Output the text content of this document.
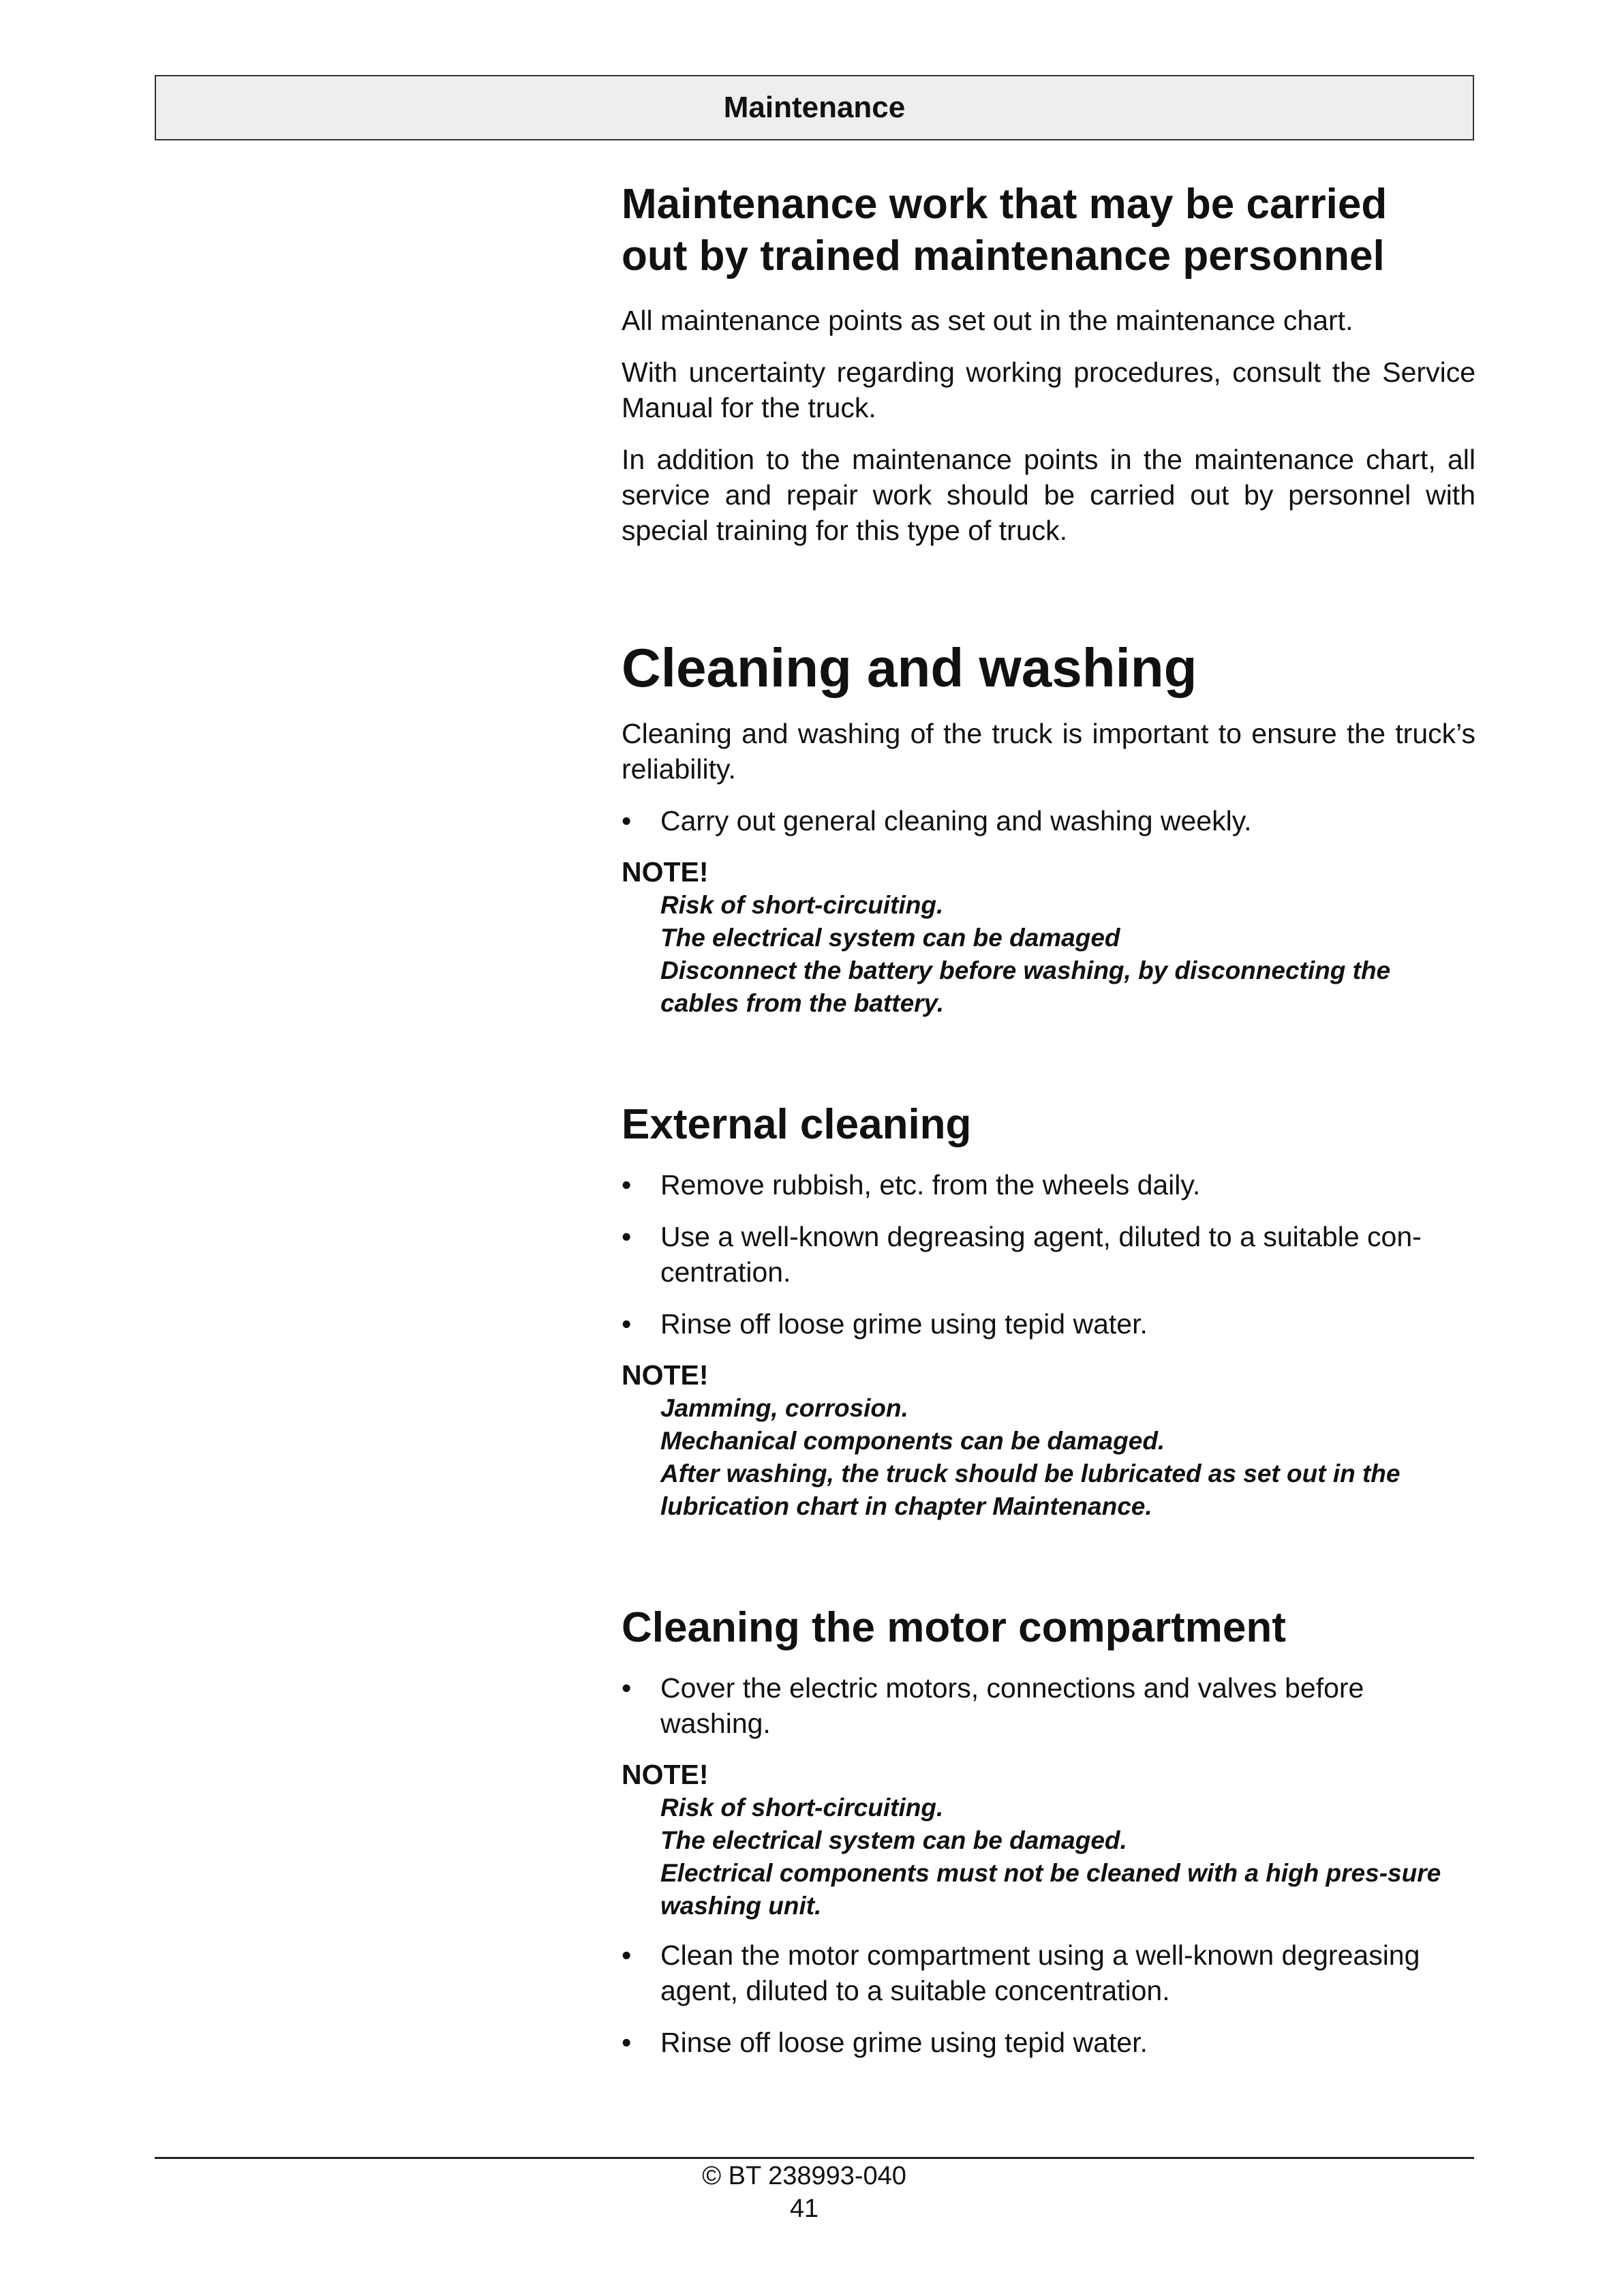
Maintenance
Maintenance work that may be carried
out by trained maintenance personnel

All maintenance points as set out in the maintenance chart.

With uncertainty regarding working procedures, consult the Service Manual for the truck.

In addition to the maintenance points in the maintenance chart, all service and repair work should be carried out by personnel with special training for this type of truck.

Cleaning and washing

Cleaning and washing of the truck is important to ensure the truck’s reliability.

• Carry out general cleaning and washing weekly.
NOTE!
Risk of short-circuiting.
The electrical system can be damaged
Disconnect the battery before washing, by disconnecting the cables from the battery.
External cleaning
• Remove rubbish, etc. from the wheels daily.
• Use a well-known degreasing agent, diluted to a suitable con-centration.
• Rinse off loose grime using tepid water.
NOTE!
Jamming, corrosion.
Mechanical components can be damaged.
After washing, the truck should be lubricated as set out in the lubrication chart in chapter Maintenance.
Cleaning the motor compartment
• Cover the electric motors, connections and valves before washing.
NOTE!
Risk of short-circuiting.
The electrical system can be damaged.
Electrical components must not be cleaned with a high pres-sure washing unit.
• Clean the motor compartment using a well-known degreasing agent, diluted to a suitable concentration.
• Rinse off loose grime using tepid water.
© BT 238993-040
41
